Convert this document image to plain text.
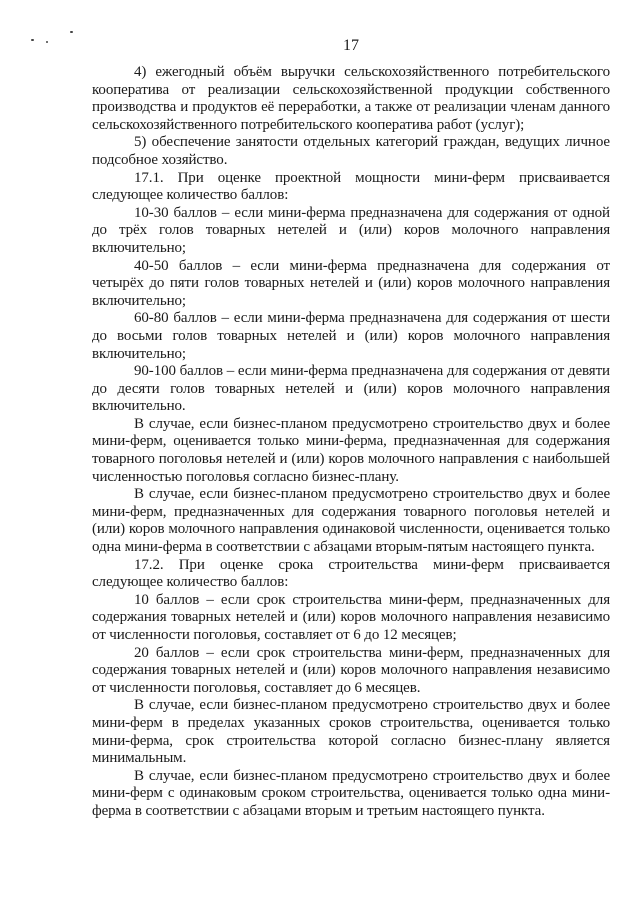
17

4) ежегодный объём выручки сельскохозяйственного потребительского кооператива от реализации сельскохозяйственной продукции собственного производства и продуктов её переработки, а также от реализации членам данного сельскохозяйственного потребительского кооператива работ (услуг);

5) обеспечение занятости отдельных категорий граждан, ведущих личное подсобное хозяйство.

17.1. При оценке проектной мощности мини-ферм присваивается следующее количество баллов:

10-30 баллов – если мини-ферма предназначена для содержания от одной до трёх голов товарных нетелей и (или) коров молочного направления включительно;

40-50 баллов – если мини-ферма предназначена для содержания от четырёх до пяти голов товарных нетелей и (или) коров молочного направления включительно;

60-80 баллов – если мини-ферма предназначена для содержания от шести до восьми голов товарных нетелей и (или) коров молочного направления включительно;

90-100 баллов – если мини-ферма предназначена для содержания от девяти до десяти голов товарных нетелей и (или) коров молочного направления включительно.

В случае, если бизнес-планом предусмотрено строительство двух и более мини-ферм, оценивается только мини-ферма, предназначенная для содержания товарного поголовья нетелей и (или) коров молочного направления с наибольшей численностью поголовья согласно бизнес-плану.

В случае, если бизнес-планом предусмотрено строительство двух и более мини-ферм, предназначенных для содержания товарного поголовья нетелей и (или) коров молочного направления одинаковой численности, оценивается только одна мини-ферма в соответствии с абзацами вторым-пятым настоящего пункта.

17.2. При оценке срока строительства мини-ферм присваивается следующее количество баллов:

10 баллов – если срок строительства мини-ферм, предназначенных для содержания товарных нетелей и (или) коров молочного направления независимо от численности поголовья, составляет от 6 до 12 месяцев;

20 баллов – если срок строительства мини-ферм, предназначенных для содержания товарных нетелей и (или) коров молочного направления независимо от численности поголовья, составляет до 6 месяцев.

В случае, если бизнес-планом предусмотрено строительство двух и более мини-ферм в пределах указанных сроков строительства, оценивается только мини-ферма, срок строительства которой согласно бизнес-плану является минимальным.

В случае, если бизнес-планом предусмотрено строительство двух и более мини-ферм с одинаковым сроком строительства, оценивается только одна мини-ферма в соответствии с абзацами вторым и третьим настоящего пункта.
